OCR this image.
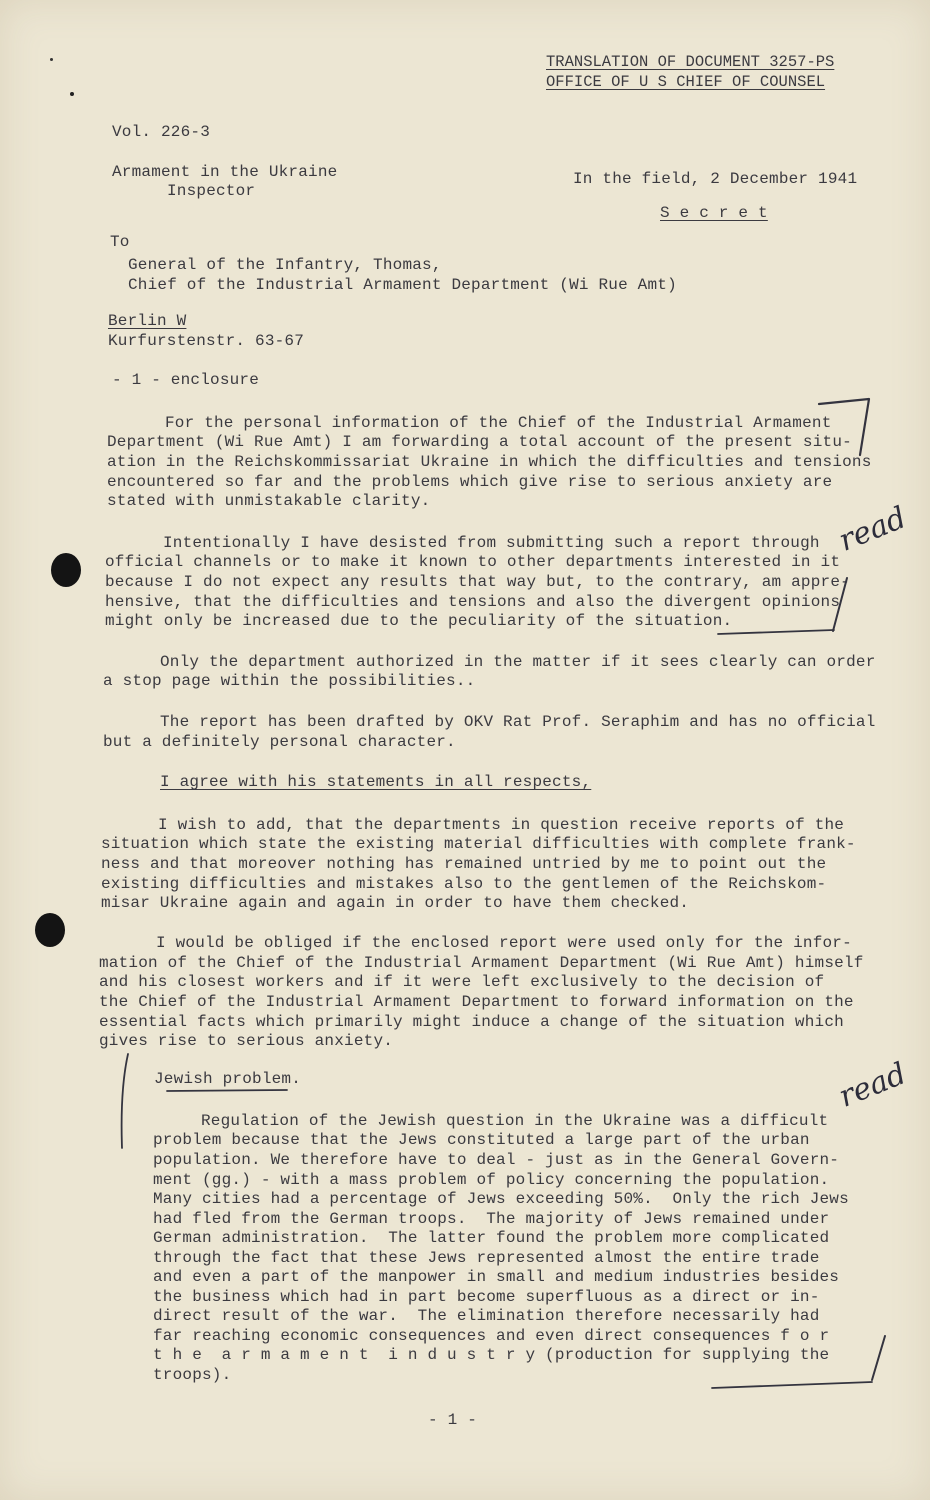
TRANSLATION OF DOCUMENT 3257-PS
OFFICE OF U S CHIEF OF COUNSEL
Vol. 226-3
Armament in the Ukraine
Inspector
In the field, 2 December 1941
S e c r e t
To
General of the Infantry, Thomas,
Chief of the Industrial Armament Department (Wi Rue Amt)
Berlin W
Kurfurstenstr. 63-67
- 1 - enclosure
For the personal information of the Chief of the Industrial Armament
Department (Wi Rue Amt) I am forwarding a total account of the present situ-
ation in the Reichskommissariat Ukraine in which the difficulties and tensions
encountered so far and the problems which give rise to serious anxiety are
stated with unmistakable clarity.
Intentionally I have desisted from submitting such a report through
official channels or to make it known to other departments interested in it
because I do not expect any results that way but, to the contrary, am appre-
hensive, that the difficulties and tensions and also the divergent opinions
might only be increased due to the peculiarity of the situation.
Only the department authorized in the matter if it sees clearly can order
a stop page within the possibilities..
The report has been drafted by OKV Rat Prof. Seraphim and has no official
but a definitely personal character.
I agree with his statements in all respects,
I wish to add, that the departments in question receive reports of the
situation which state the existing material difficulties with complete frank-
ness and that moreover nothing has remained untried by me to point out the
existing difficulties and mistakes also to the gentlemen of the Reichskom-
misar Ukraine again and again in order to have them checked.
I would be obliged if the enclosed report were used only for the infor-
mation of the Chief of the Industrial Armament Department (Wi Rue Amt) himself
and his closest workers and if it were left exclusively to the decision of
the Chief of the Industrial Armament Department to forward information on the
essential facts which primarily might induce a change of the situation which
gives rise to serious anxiety.
Jewish problem.
Regulation of the Jewish question in the Ukraine was a difficult
problem because that the Jews constituted a large part of the urban
population. We therefore have to deal - just as in the General Govern-
ment (gg.) - with a mass problem of policy concerning the population.
Many cities had a percentage of Jews exceeding 50%.  Only the rich Jews
had fled from the German troops.  The majority of Jews remained under
German administration.  The latter found the problem more complicated
through the fact that these Jews represented almost the entire trade
and even a part of the manpower in small and medium industries besides
the business which had in part become superfluous as a direct or in-
direct result of the war.  The elimination therefore necessarily had
far reaching economic consequences and even direct consequences f o r
t h e  a r m a m e n t  i n d u s t r y (production for supplying the
troops).
- 1 -
read
read
